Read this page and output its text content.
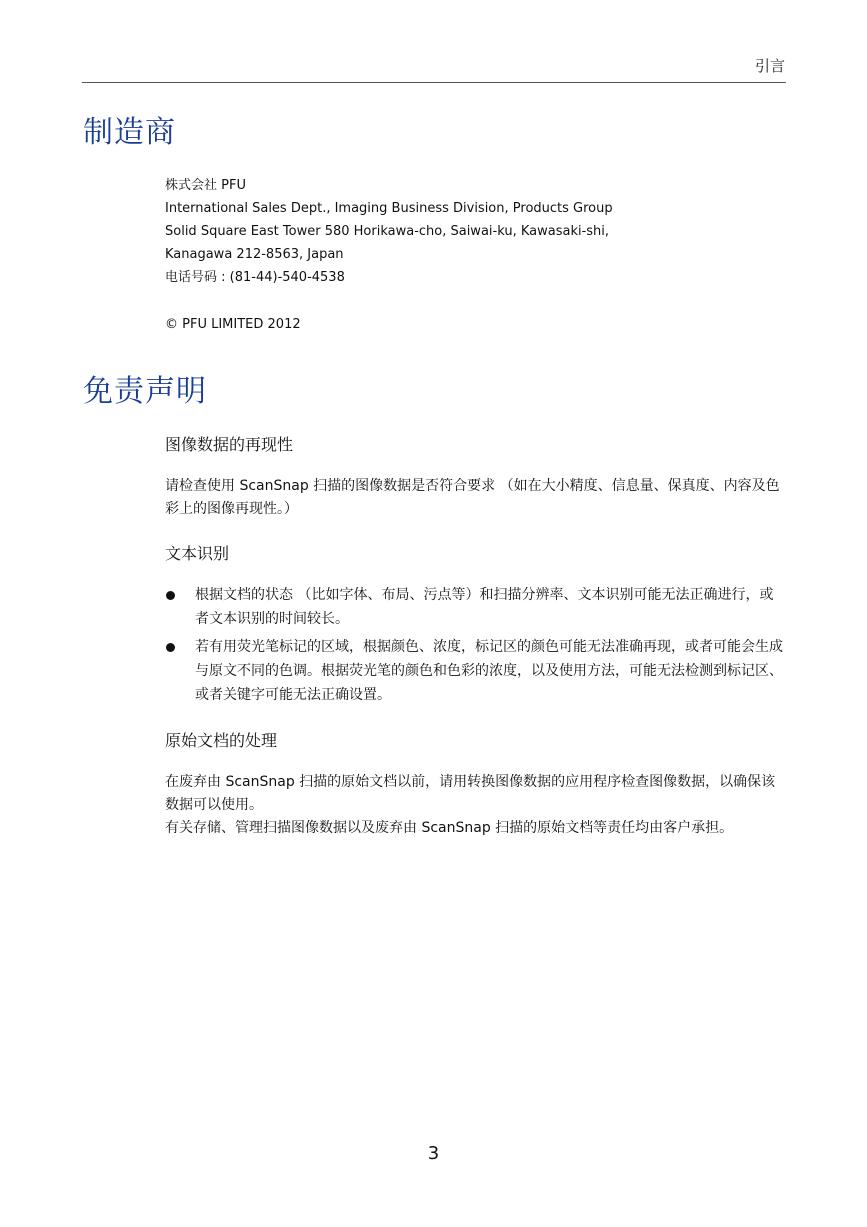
引言
制造商
株式会社 PFU
International Sales Dept., Imaging Business Division, Products Group
Solid Square East Tower 580 Horikawa-cho, Saiwai-ku, Kawasaki-shi,
Kanagawa 212-8563, Japan
电话号码 : (81-44)-540-4538
© PFU LIMITED 2012
免责声明
图像数据的再现性

请检查使用 ScanSnap 扫描的图像数据是否符合要求 （如在大小精度、信息量、保真度、内容及色彩上的图像再现性。）

文本识别
根据文档的状态 （比如字体、布局、污点等）和扫描分辨率、文本识别可能无法正确进行，或者文本识别的时间较长。
若有用荧光笔标记的区域，根据颜色、浓度，标记区的颜色可能无法准确再现，或者可能会生成与原文不同的色调。根据荧光笔的颜色和色彩的浓度，以及使用方法，可能无法检测到标记区、或者关键字可能无法正确设置。
原始文档的处理

在废弃由 ScanSnap 扫描的原始文档以前，请用转换图像数据的应用程序检查图像数据，以确保该数据可以使用。

有关存储、管理扫描图像数据以及废弃由 ScanSnap 扫描的原始文档等责任均由客户承担。

3
